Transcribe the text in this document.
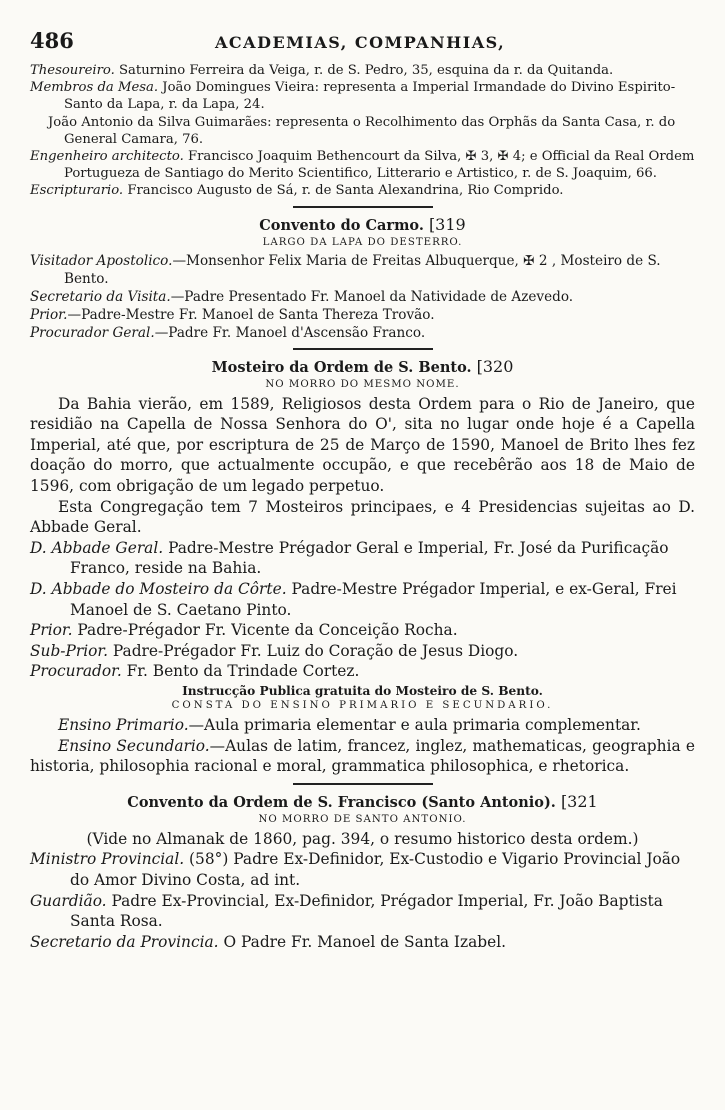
486	ACADEMIAS, COMPANHIAS,

Thesoureiro. Saturnino Ferreira da Veiga, r. de S. Pedro, 35, esquina da r. da Quitanda.

Membros da Mesa. João Domingues Vieira: representa a Imperial Irmandade do Divino Espirito-Santo da Lapa, r. da Lapa, 24.

João Antonio da Silva Guimarães: representa o Recolhimento das Orphãs da Santa Casa, r. do General Camara, 76.

Engenheiro architecto. Francisco Joaquim Bethencourt da Silva, ✠ 3, ✠ 4; e Official da Real Ordem Portugueza de Santiago do Merito Scientifico, Litterario e Artistico, r. de S. Joaquim, 66.

Escripturario. Francisco Augusto de Sá, r. de Santa Alexandrina, Rio Comprido.

Convento do Carmo. [319
LARGO DA LAPA DO DESTERRO.

Visitador Apostolico.—Monsenhor Felix Maria de Freitas Albuquerque, ✠ 2 , Mosteiro de S. Bento.

Secretario da Visita.—Padre Presentado Fr. Manoel da Natividade de Azevedo.

Prior.—Padre-Mestre Fr. Manoel de Santa Thereza Trovão.

Procurador Geral.—Padre Fr. Manoel d'Ascensão Franco.

Mosteiro da Ordem de S. Bento. [320
NO MORRO DO MESMO NOME.

Da Bahia vierão, em 1589, Religiosos desta Ordem para o Rio de Janeiro, que residião na Capella de Nossa Senhora do O', sita no lugar onde hoje é a Capella Imperial, até que, por escriptura de 25 de Março de 1590, Manoel de Brito lhes fez doação do morro, que actualmente occupão, e que recebêrão aos 18 de Maio de 1596, com obrigação de um legado perpetuo.

Esta Congregação tem 7 Mosteiros principaes, e 4 Presidencias sujeitas ao D. Abbade Geral.

D. Abbade Geral. Padre-Mestre Prégador Geral e Imperial, Fr. José da Purificação Franco, reside na Bahia.

D. Abbade do Mosteiro da Côrte. Padre-Mestre Prégador Imperial, e ex-Geral, Frei Manoel de S. Caetano Pinto.

Prior. Padre-Prégador Fr. Vicente da Conceição Rocha.

Sub-Prior. Padre-Prégador Fr. Luiz do Coração de Jesus Diogo.

Procurador. Fr. Bento da Trindade Cortez.

Instrucção Publica gratuita do Mosteiro de S. Bento.
CONSTA DO ENSINO PRIMARIO E SECUNDARIO.

Ensino Primario.—Aula primaria elementar e aula primaria complementar.

Ensino Secundario.—Aulas de latim, francez, inglez, mathematicas, geographia e historia, philosophia racional e moral, grammatica philosophica, e rhetorica.

Convento da Ordem de S. Francisco (Santo Antonio). [321
NO MORRO DE SANTO ANTONIO.

(Vide no Almanak de 1860, pag. 394, o resumo historico desta ordem.)

Ministro Provincial. (58°) Padre Ex-Definidor, Ex-Custodio e Vigario Provincial João do Amor Divino Costa, ad int.

Guardião. Padre Ex-Provincial, Ex-Definidor, Prégador Imperial, Fr. João Baptista Santa Rosa.

Secretario da Provincia. O Padre Fr. Manoel de Santa Izabel.
